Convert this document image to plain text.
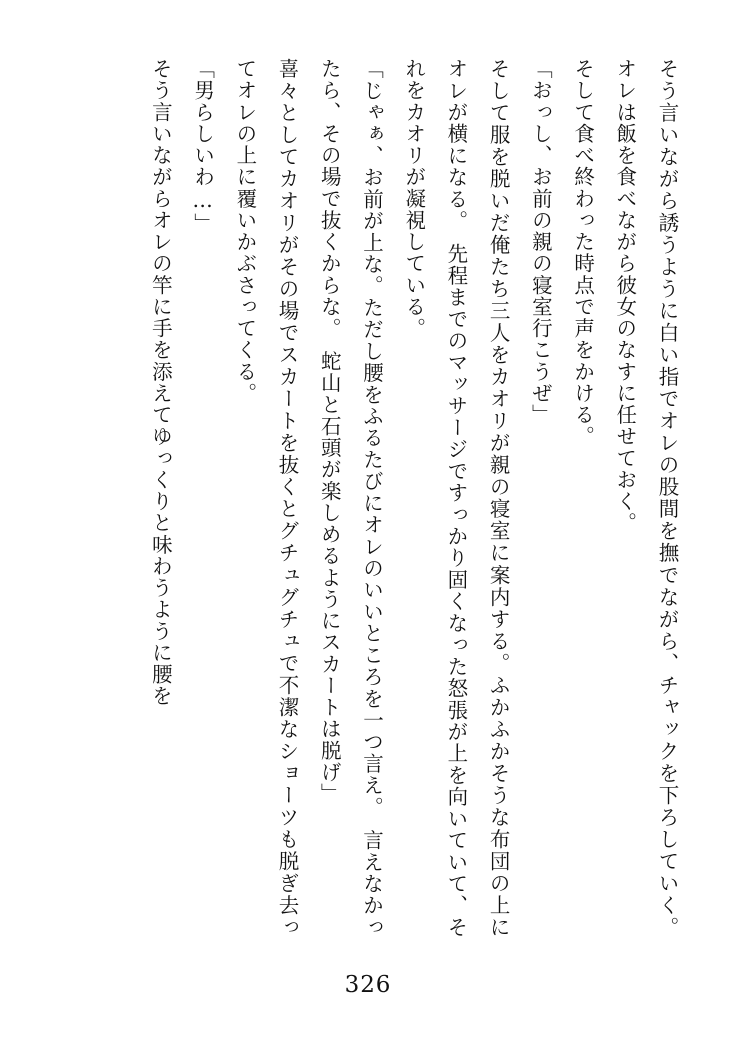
そう言いながら誘うように白い指でオレの股間を撫でながら、チャックを下ろしていく。オレは飯を食べながら彼女のなすに任せておく。

そして食べ終わった時点で声をかける。

「おっし、お前の親の寝室行こうぜ」

そして服を脱いだ俺たち三人をカオリが親の寝室に案内する。ふかふかそうな布団の上にオレが横になる。　先程までのマッサージですっかり固くなった怒張が上を向いていて、それをカオリが凝視している。

「じゃぁ、お前が上な。ただし腰をふるたびにオレのいいところを一つ言え。　言えなかったら、その場で抜くからな。　蛇山と石頭が楽しめるようにスカートは脱げ」

喜々としてカオリがその場でスカートを抜くとグチュグチュで不潔なショーツも脱ぎ去ってオレの上に覆いかぶさってくる。

「男らしいわ…」

そう言いながらオレの竿に手を添えてゆっくりと味わうように腰を

326
